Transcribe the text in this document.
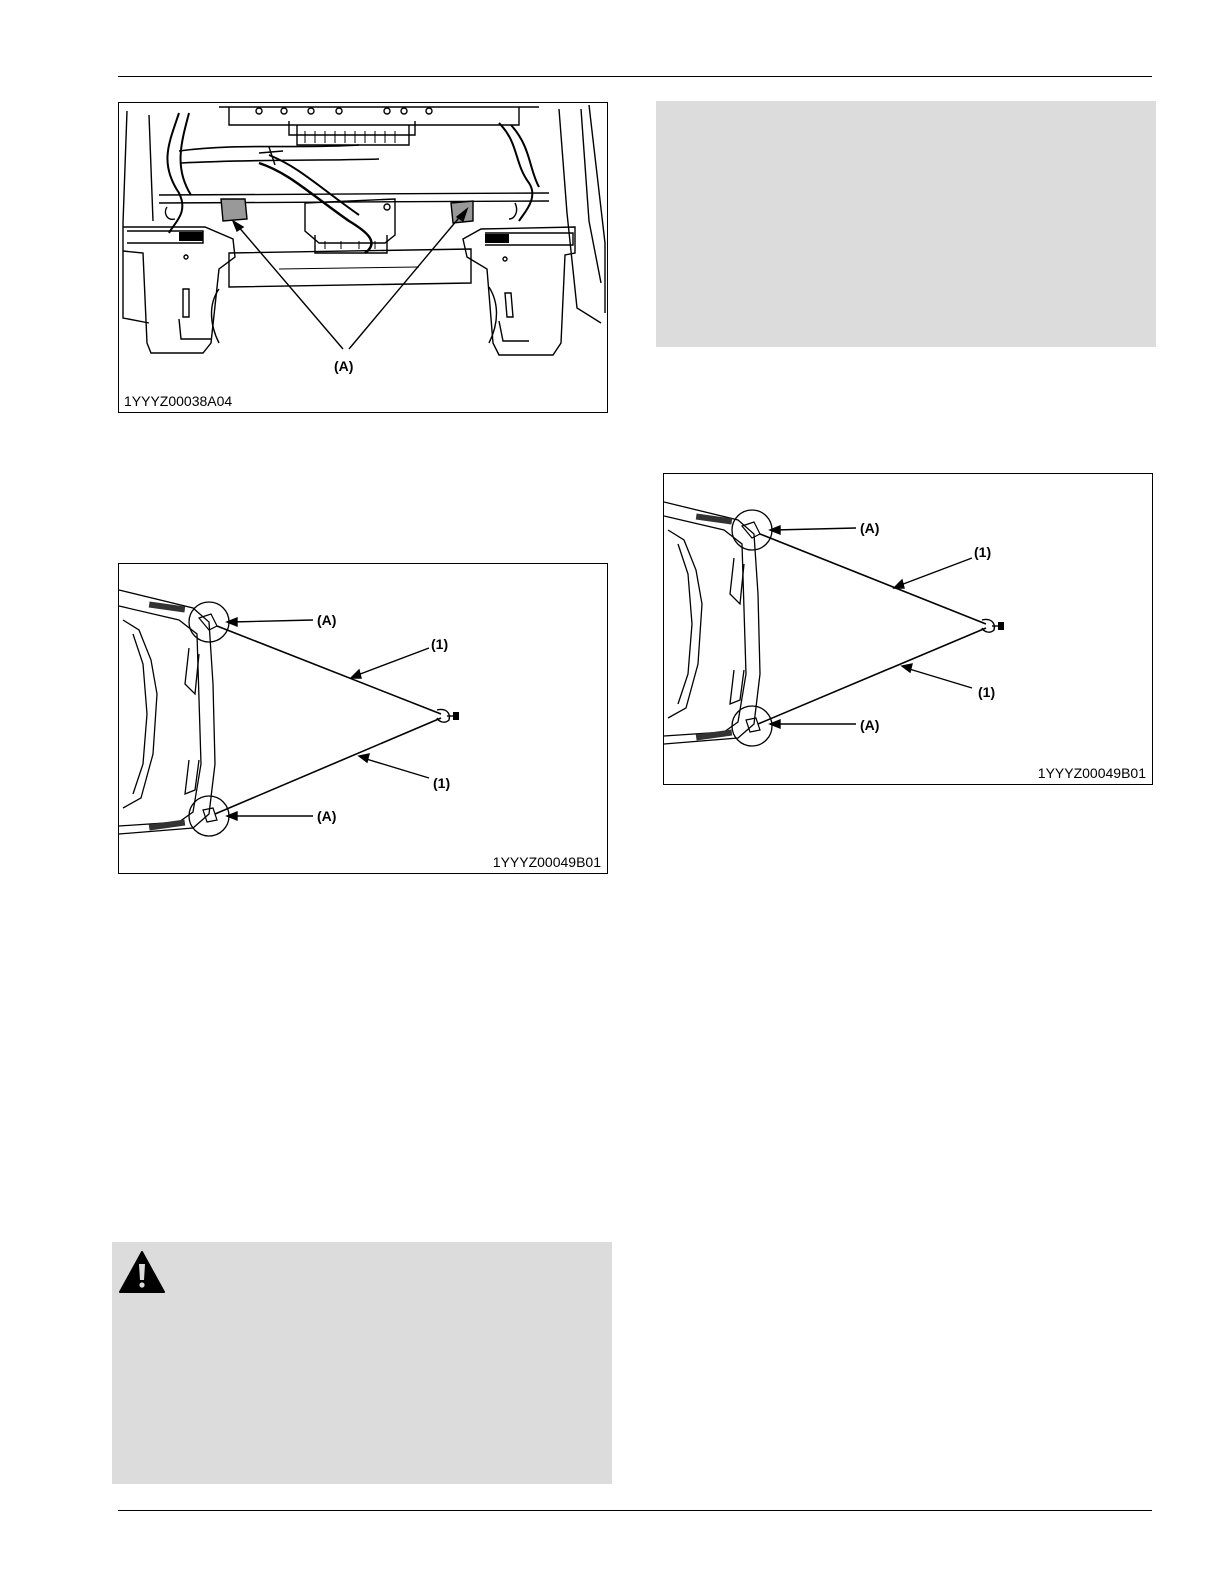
(A)
1YYYZ00038A04
(A)
(1)
(1)
(A)
1YYYZ00049B01
(A)
(1)
(1)
(A)
1YYYZ00049B01
